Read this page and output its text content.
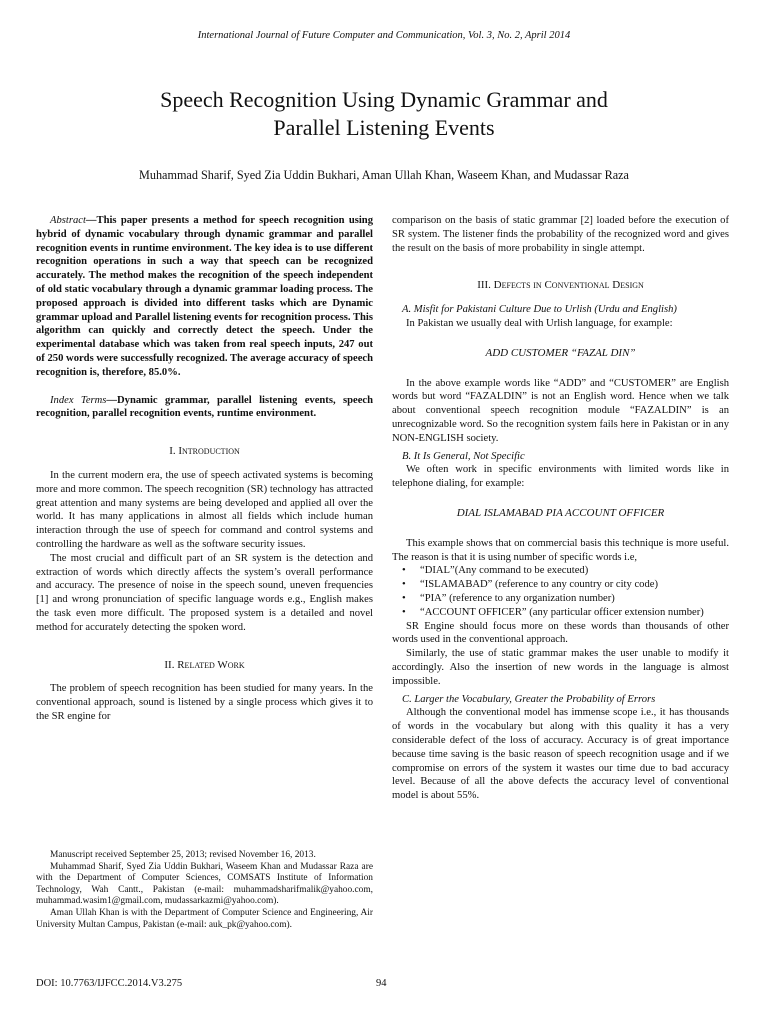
International Journal of Future Computer and Communication, Vol. 3, No. 2, April 2014
Speech Recognition Using Dynamic Grammar and
Parallel Listening Events
Muhammad Sharif, Syed Zia Uddin Bukhari, Aman Ullah Khan, Waseem Khan, and Mudassar Raza

Abstract—This paper presents a method for speech recognition using hybrid of dynamic vocabulary through dynamic grammar and parallel recognition events in runtime environment. The key idea is to use different recognition operations in such a way that speech can be recognized accurately. The method makes the recognition of the speech independent of old static vocabulary through a dynamic grammar loading process. The proposed approach is divided into different tasks which are Dynamic grammar upload and Parallel listening events for recognition process. This algorithm can quickly and correctly detect the speech. Under the experimental database which was taken from real speech inputs, 247 out of 250 words were successfully recognized. The average accuracy of speech recognition is, therefore, 85.0%.

Index Terms—Dynamic grammar, parallel listening events, speech recognition, parallel recognition events, runtime environment.

I. Introduction

In the current modern era, the use of speech activated systems is becoming more and more common. The speech recognition (SR) technology has attracted great attention and many systems are being developed and applied all over the world. It has many applications in almost all fields which include human interaction through the use of speech for command and control systems and controlling the hardware as well as the software security issues.

The most crucial and difficult part of an SR system is the detection and extraction of words which directly affects the system’s overall performance and accuracy. The presence of noise in the speech sound, uneven frequencies [1] and wrong pronunciation of specific language words e.g., English makes the task even more difficult. The proposed system is a detailed and novel method for accurately detecting the spoken word.

II. Related Work

The problem of speech recognition has been studied for many years. In the conventional approach, sound is listened by a single process which gives it to the SR engine for

Manuscript received September 25, 2013; revised November 16, 2013.

Muhammad Sharif, Syed Zia Uddin Bukhari, Waseem Khan and Mudassar Raza are with the Department of Computer Sciences, COMSATS Institute of Information Technology, Wah Cantt., Pakistan (e-mail: muhammadsharifmalik@yahoo.com, muhammad.wasim1@gmail.com, mudassarkazmi@yahoo.com).

Aman Ullah Khan is with the Department of Computer Science and Engineering, Air University Multan Campus, Pakistan (e-mail: auk_pk@yahoo.com).

comparison on the basis of static grammar [2] loaded before the execution of SR system. The listener finds the probability of the recognized word and gives the result on the basis of more probability in single attempt.

III. Defects in Conventional Design

A. Misfit for Pakistani Culture Due to Urlish (Urdu and English)

In Pakistan we usually deal with Urlish language, for example:

ADD CUSTOMER “FAZAL DIN”

In the above example words like “ADD” and “CUSTOMER” are English words but word “FAZALDIN” is not an English word. Hence when we talk about conventional speech recognition module “FAZALDIN” is an unrecognizable word. So the recognition system fails here in Pakistan or in any NON-ENGLISH society.

B. It Is General, Not Specific

We often work in specific environments with limited words like in telephone dialing, for example:

DIAL ISLAMABAD PIA ACCOUNT OFFICER

This example shows that on commercial basis this technique is more useful. The reason is that it is using number of specific words i.e,

• “DIAL”(Any command to be executed)
• “ISLAMABAD” (reference to any country or city code)
• “PIA” (reference to any organization number)
• “ACCOUNT OFFICER” (any particular officer extension number)

SR Engine should focus more on these words than thousands of other words used in the conventional approach.

Similarly, the use of static grammar makes the user unable to modify it accordingly. Also the insertion of new words in the language is almost impossible.

C. Larger the Vocabulary, Greater the Probability of Errors

Although the conventional model has immense scope i.e., it has thousands of words in the vocabulary but along with this quality it has a very considerable defect of the loss of accuracy. Accuracy is of great importance because time saving is the basic reason of speech recognition usage and if we compromise on errors of the system it wastes our time due to bad accuracy level. Because of all the above defects the accuracy level of conventional model is about 55%.

DOI: 10.7763/IJFCC.2014.V3.275	94
